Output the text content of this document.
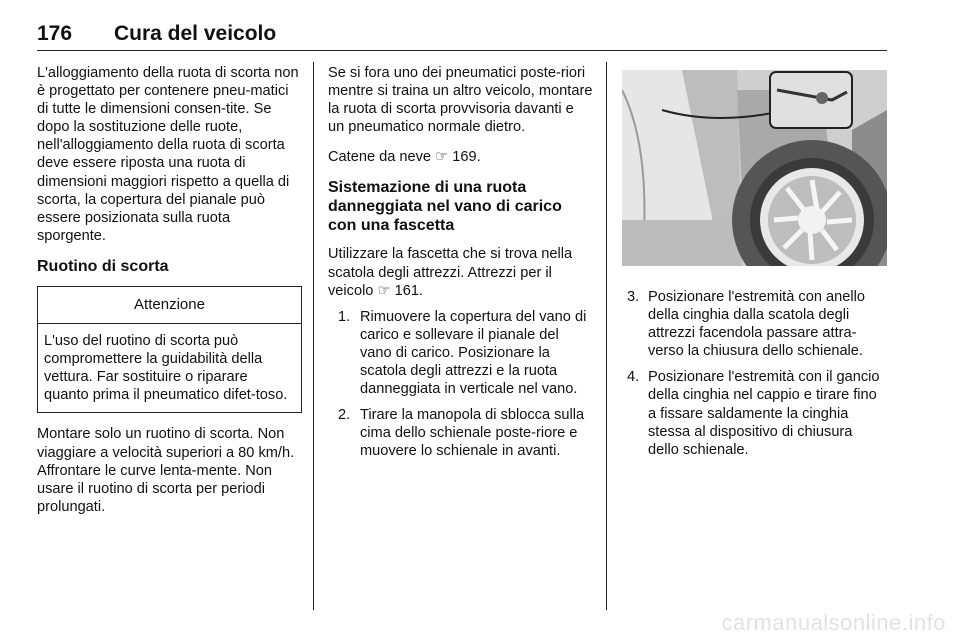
176 Cura del veicolo

L'alloggiamento della ruota di scorta non è progettato per contenere pneu-matici di tutte le dimensioni consen-tite. Se dopo la sostituzione delle ruote, nell'alloggiamento della ruota di scorta deve essere riposta una ruota di dimensioni maggiori rispetto a quella di scorta, la copertura del pianale può essere posizionata sulla ruota sporgente.

Ruotino di scorta
Attenzione
L'uso del ruotino di scorta può compromettere la guidabilità della vettura. Far sostituire o riparare quanto prima il pneumatico difet-toso.

Montare solo un ruotino di scorta. Non viaggiare a velocità superiori a 80 km/h. Affrontare le curve lenta-mente. Non usare il ruotino di scorta per periodi prolungati.

Se si fora uno dei pneumatici poste-riori mentre si traina un altro veicolo, montare la ruota di scorta provvisoria davanti e un pneumatico normale dietro.

Catene da neve ☞ 169.

Sistemazione di una ruota danneggiata nel vano di carico con una fascetta

Utilizzare la fascetta che si trova nella scatola degli attrezzi. Attrezzi per il veicolo ☞ 161.

1. Rimuovere la copertura del vano di carico e sollevare il pianale del vano di carico. Posizionare la scatola degli attrezzi e la ruota danneggiata in verticale nel vano.
2. Tirare la manopola di sblocca sulla cima dello schienale poste-riore e muovere lo schienale in avanti.
3. Posizionare l'estremità con anello della cinghia dalla scatola degli attrezzi facendola passare attra-verso la chiusura dello schienale.
4. Posizionare l'estremità con il gancio della cinghia nel cappio e tirare fino a fissare saldamente la cinghia stessa al dispositivo di chiusura dello schienale.
carmanualsonline.info
